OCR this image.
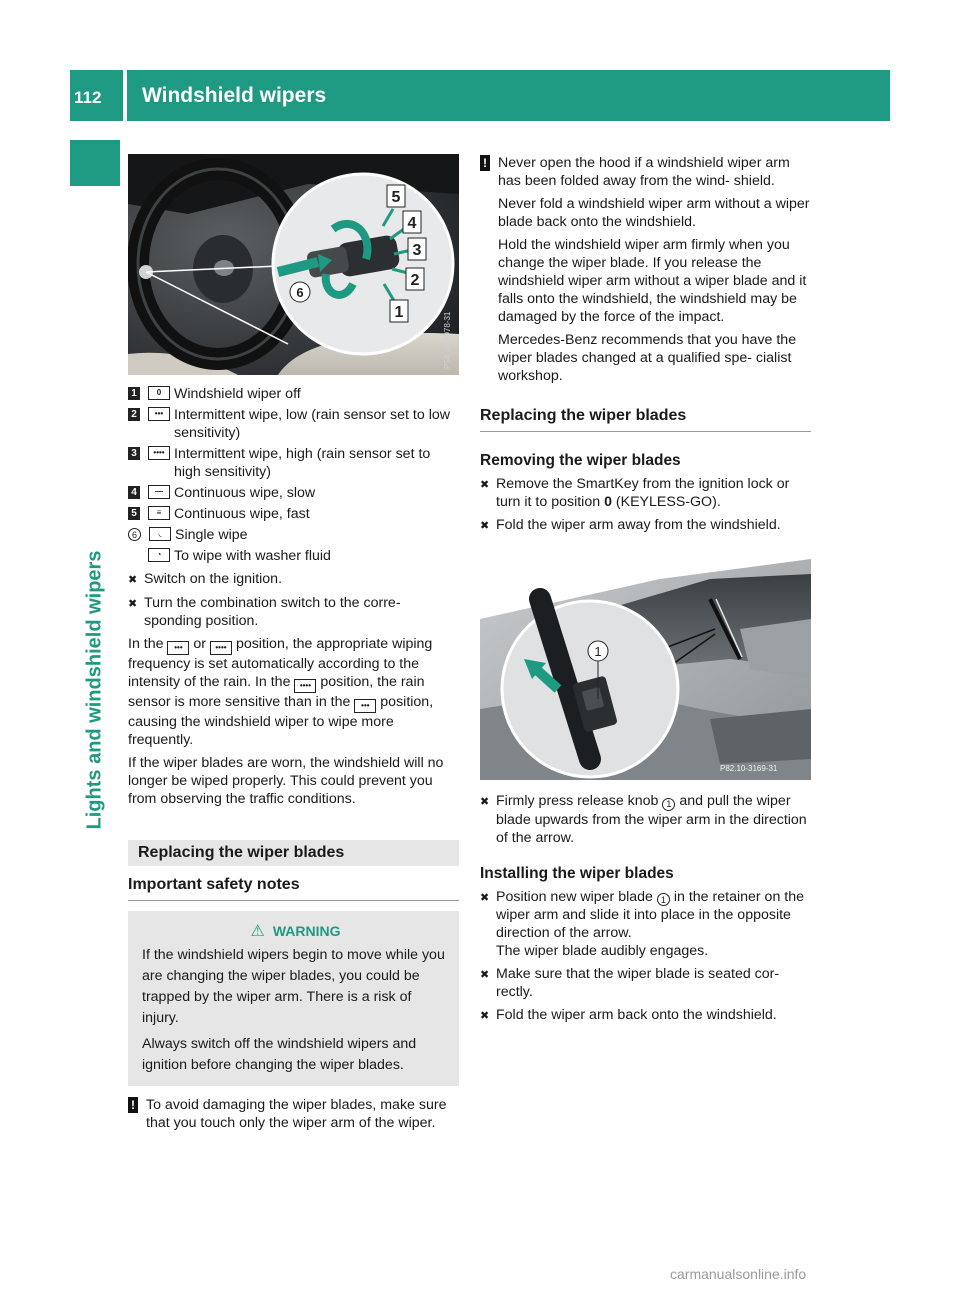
112 Windshield wipers
Lights and windshield wipers
5
4
3
2
1
6
P54.25-9978-31
1	0 Windshield wiper off
2	••• Intermittent wipe, low (rain sensor set to low sensitivity)
3	•••• Intermittent wipe, high (rain sensor set to high sensitivity)
4	— Continuous wipe, slow
5	≡ Continuous wipe, fast
6	◟ Single wipe
◔ To wipe with washer fluid
✖ Switch on the ignition.
✖ Turn the combination switch to the corre- sponding position.

In the ••• or •••• position, the appropriate wiping frequency is set automatically according to the intensity of the rain. In the •••• position, the rain sensor is more sensitive than in the ••• position, causing the windshield wiper to wipe more frequently.

If the wiper blades are worn, the windshield will no longer be wiped properly. This could prevent you from observing the traffic conditions.

Replacing the wiper blades
Important safety notes
⚠ WARNING

If the windshield wipers begin to move while you are changing the wiper blades, you could be trapped by the wiper arm. There is a risk of injury.

Always switch off the windshield wipers and ignition before changing the wiper blades.

! To avoid damaging the wiper blades, make sure that you touch only the wiper arm of the wiper.
! Never open the hood if a windshield wiper arm has been folded away from the wind- shield.

Never fold a windshield wiper arm without a wiper blade back onto the windshield.

Hold the windshield wiper arm firmly when you change the wiper blade. If you release the windshield wiper arm without a wiper blade and it falls onto the windshield, the windshield may be damaged by the force of the impact.

Mercedes-Benz recommends that you have the wiper blades changed at a qualified spe- cialist workshop.

Replacing the wiper blades
Removing the wiper blades
✖ Remove the SmartKey from the ignition lock or turn it to position 0 (KEYLESS-GO).
✖ Fold the wiper arm away from the windshield.
1
P82.10-3169-31
✖ Firmly press release knob 1 and pull the wiper blade upwards from the wiper arm in the direction of the arrow.
Installing the wiper blades
✖ Position new wiper blade 1 in the retainer on the wiper arm and slide it into place in the opposite direction of the arrow.
The wiper blade audibly engages.
✖ Make sure that the wiper blade is seated cor- rectly.
✖ Fold the wiper arm back onto the windshield.
carmanualsonline.info
